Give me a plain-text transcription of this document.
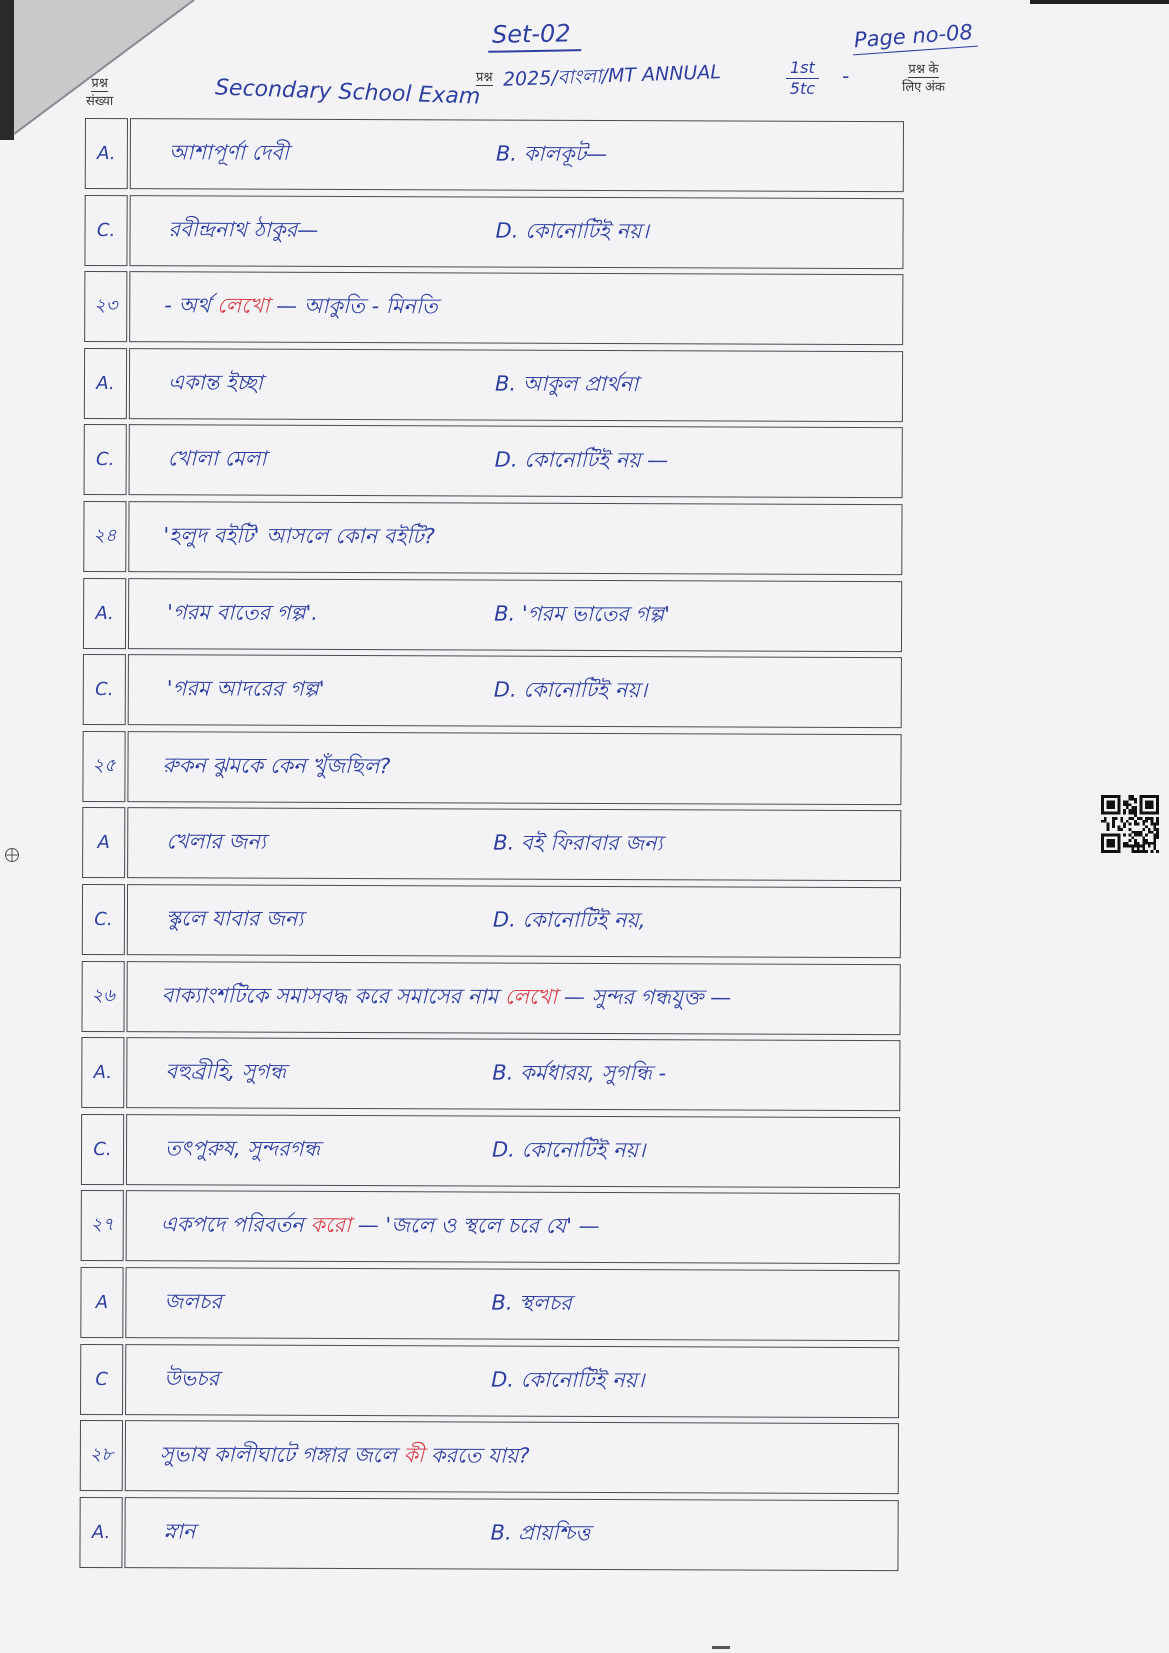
Set-02	Page no-08
प्रश्न
संख्या
प्रश्न
प्रश्न के
लिए अंक
Secondary School Exam 2025/বাংলা/MT ANNUAL	$\frac{1st}{5tc}$ -
A.	আশাপূর্ণা দেবী	B. কালকূট—
C.	রবীন্দ্রনাথ ঠাকুর—	D. কোনোটিই নয়।
২৩	- অর্থ লেখো — আকুতি - মিনতি
A.	একান্ত ইচ্ছা	B. আকুল প্রার্থনা
C.	খোলা মেলা	D. কোনোটিই নয় —
২৪	'হলুদ বইটি' আসলে কোন বইটি?
A.	'গরম বাতের গল্প'.	B. 'গরম ভাতের গল্প'
C.	'গরম আদরের গল্প'	D. কোনোটিই নয়।
২৫	রুকন ঝুমকে কেন খুঁজছিল?
A	খেলার জন্য	B. বই ফিরাবার জন্য
C.	স্কুলে যাবার জন্য	D. কোনোটিই নয়,
২৬	বাক্যাংশটিকে সমাসবদ্ধ করে সমাসের নাম লেখো — সুন্দর গন্ধযুক্ত —
A.	বহুব্রীহি, সুগন্ধ	B. কর্মধারয়, সুগন্ধি -
C.	তৎপুরুষ, সুন্দরগন্ধ	D. কোনোটিই নয়।
২৭	একপদে পরিবর্তন করো — 'জলে ও স্থলে চরে যে' —
A	জলচর	B. স্থলচর
C	উভচর	D. কোনোটিই নয়।
২৮	সুভাষ কালীঘাটে গঙ্গার জলে কী করতে যায়?
A.	স্নান	B. প্রায়শ্চিত্ত
